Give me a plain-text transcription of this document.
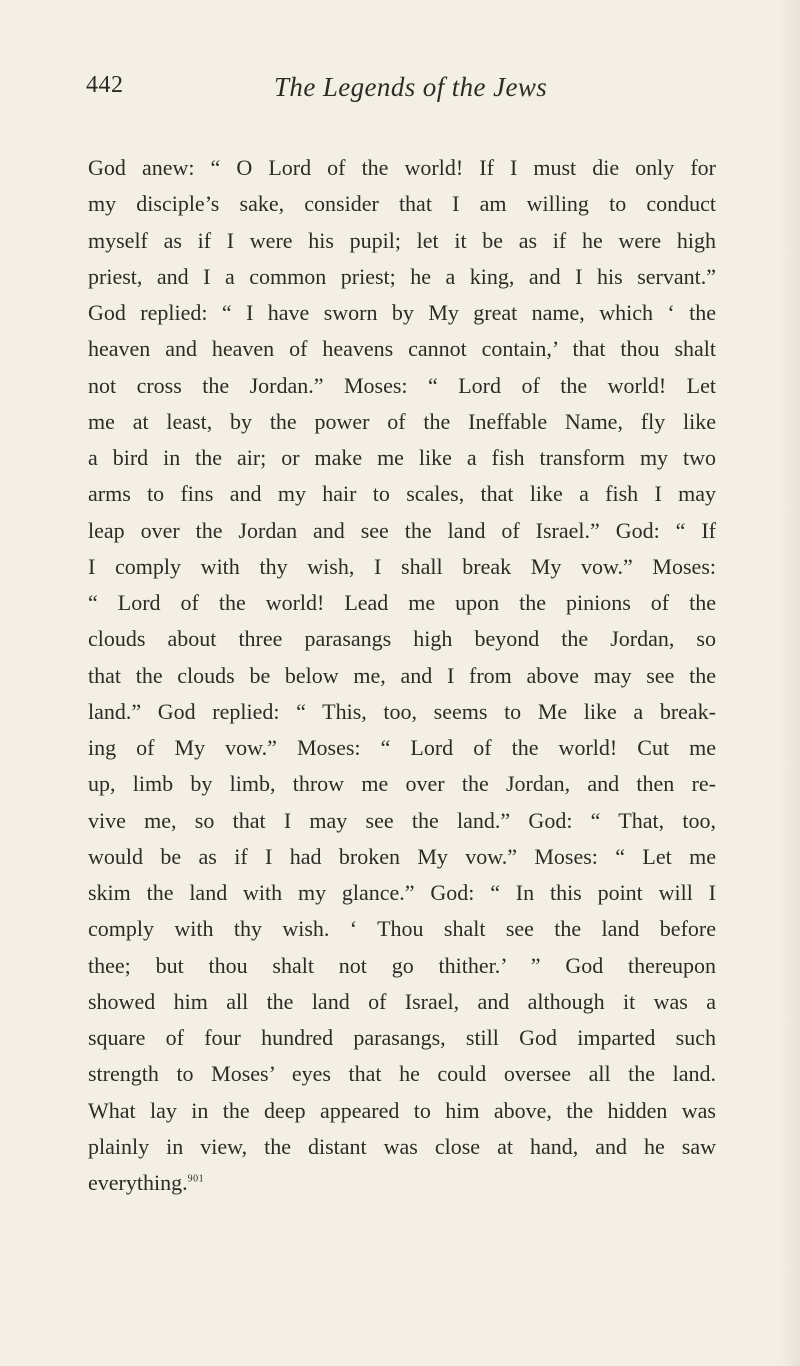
442	The Legends of the Jews
God anew: “ O Lord of the world! If I must die only for
my disciple’s sake, consider that I am willing to conduct
myself as if I were his pupil; let it be as if he were high
priest, and I a common priest; he a king, and I his servant.”
God replied: “ I have sworn by My great name, which ‘ the
heaven and heaven of heavens cannot contain,’ that thou shalt
not cross the Jordan.” Moses: “ Lord of the world! Let
me at least, by the power of the Ineffable Name, fly like
a bird in the air; or make me like a fish transform my two
arms to fins and my hair to scales, that like a fish I may
leap over the Jordan and see the land of Israel.” God: “ If
I comply with thy wish, I shall break My vow.” Moses:
“ Lord of the world! Lead me upon the pinions of the
clouds about three parasangs high beyond the Jordan, so
that the clouds be below me, and I from above may see the
land.” God replied: “ This, too, seems to Me like a break-
ing of My vow.” Moses: “ Lord of the world! Cut me
up, limb by limb, throw me over the Jordan, and then re-
vive me, so that I may see the land.” God: “ That, too,
would be as if I had broken My vow.” Moses: “ Let me
skim the land with my glance.” God: “ In this point will I
comply with thy wish. ‘ Thou shalt see the land before
thee; but thou shalt not go thither.’ ” God thereupon
showed him all the land of Israel, and although it was a
square of four hundred parasangs, still God imparted such
strength to Moses’ eyes that he could oversee all the land.
What lay in the deep appeared to him above, the hidden was
plainly in view, the distant was close at hand, and he saw
everything.$^{901}$
